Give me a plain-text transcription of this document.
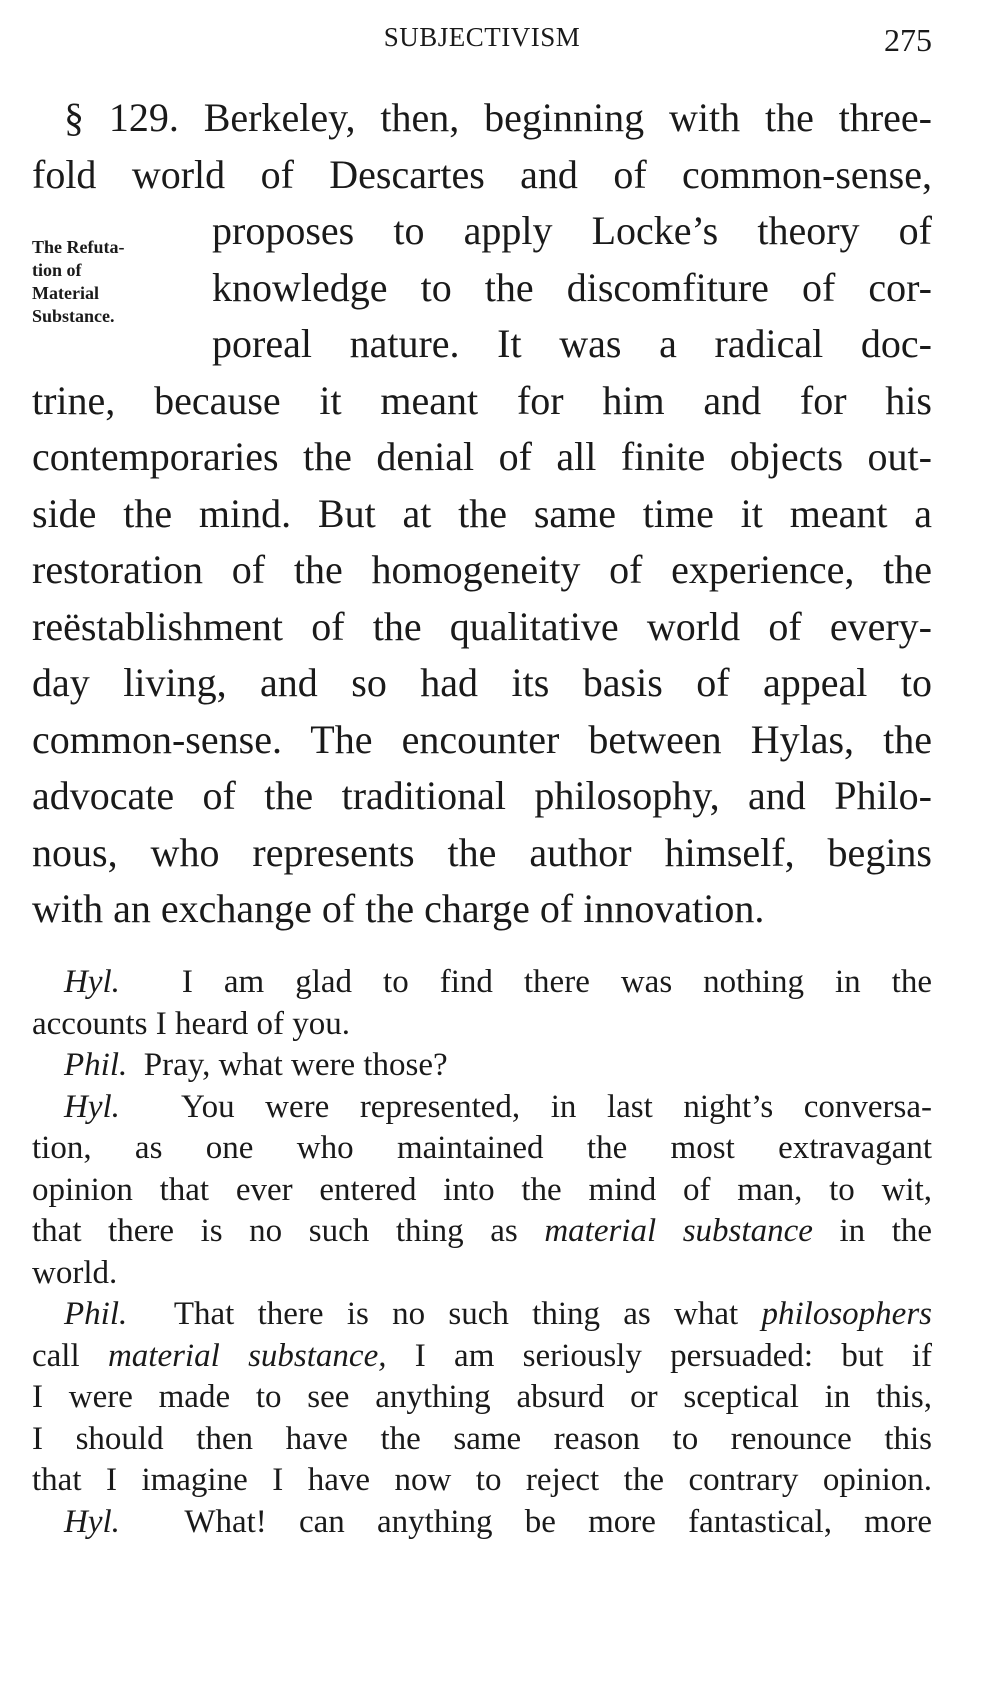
SUBJECTIVISM	275
The Refuta-
tion of
Material
Substance.
§ 129. Berkeley, then, beginning with the three-
fold world of Descartes and of common-sense,
proposes to apply Locke’s theory of
knowledge to the discomfiture of cor-
poreal nature. It was a radical doc-
trine, because it meant for him and for his
contemporaries the denial of all finite objects out-
side the mind. But at the same time it meant a
restoration of the homogeneity of experience, the
reëstablishment of the qualitative world of every-
day living, and so had its basis of appeal to
common-sense. The encounter between Hylas, the
advocate of the traditional philosophy, and Philo-
nous, who represents the author himself, begins
with an exchange of the charge of innovation.
Hyl. I am glad to find there was nothing in the
accounts I heard of you.
Phil. Pray, what were those?
Hyl. You were represented, in last night’s conversa-
tion, as one who maintained the most extravagant
opinion that ever entered into the mind of man, to wit,
that there is no such thing as material substance in the
world.
Phil. That there is no such thing as what philosophers
call material substance, I am seriously persuaded: but if
I were made to see anything absurd or sceptical in this,
I should then have the same reason to renounce this
that I imagine I have now to reject the contrary opinion.
Hyl. What! can anything be more fantastical, more
